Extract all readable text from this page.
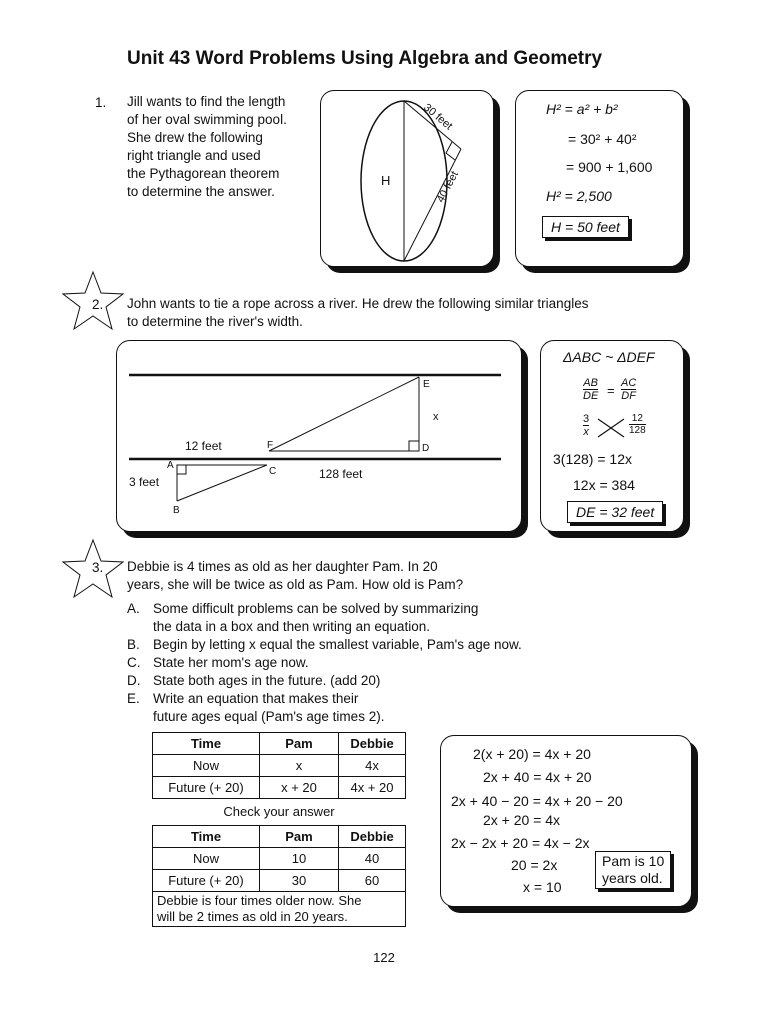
Unit 43 Word Problems Using Algebra and Geometry
1. Jill wants to find the length
of her oval swimming pool.
She drew the following
right triangle and used
the Pythagorean theorem
to determine the answer.
H
30 feet
40 feet
H² = a² + b²
= 30² + 40²
= 900 + 1,600
H² = 2,500
H = 50 feet
2. John wants to tie a rope across a river. He drew the following similar triangles
to determine the river's width.
E
x
D
F
12 feet
A
C	128 feet
3 feet
B
ΔABC ~ ΔDEF
AB
DE = AC
DF
3
x
12
128
3(128) = 12x
12x = 384
DE = 32 feet
3. Debbie is 4 times as old as her daughter Pam. In 20
years, she will be twice as old as Pam. How old is Pam?
A. Some difficult problems can be solved by summarizing
the data in a box and then writing an equation.
B. Begin by letting x equal the smallest variable, Pam's age now.
C. State her mom's age now.
D. State both ages in the future. (add 20)
E. Write an equation that makes their
future ages equal (Pam's age times 2).
Time	Pam	Debbie
Now	x	4x
Future (+ 20)	x + 20	4x + 20
Check your answer
Time	Pam	Debbie
Now	10	40
Future (+ 20)	30	60

Debbie is four times older now. She
will be 2 times as old in 20 years.		
2(x + 20) = 4x + 20
2x + 40 = 4x + 20
2x + 40 − 20 = 4x + 20 − 20
2x + 20 = 4x
2x − 2x + 20 = 4x − 2x
20 = 2x
x = 10
Pam is 10
years old.
122
